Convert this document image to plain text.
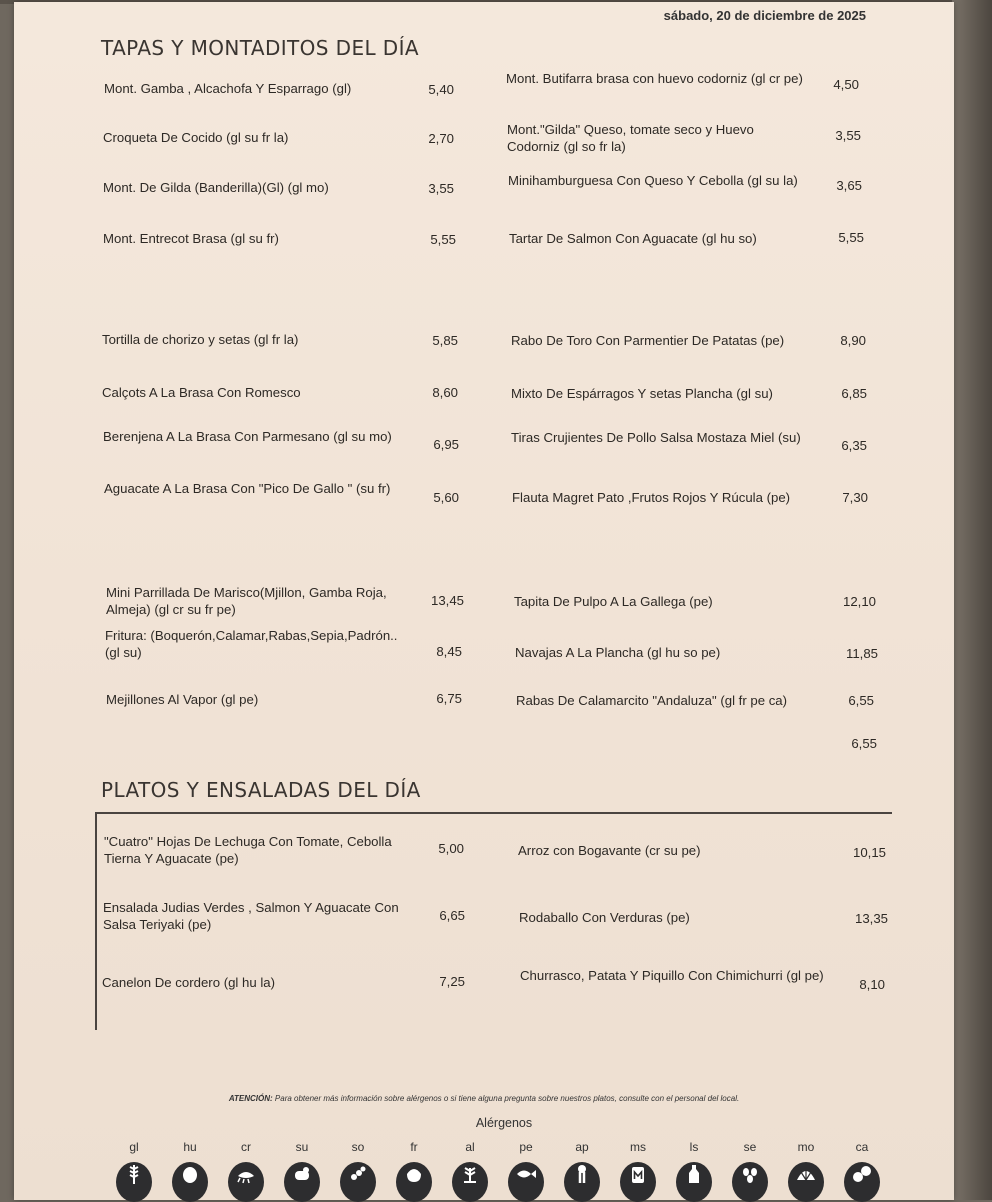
sábado, 20 de diciembre de 2025
TAPAS Y MONTADITOS DEL DÍA
Mont. Gamba , Alcachofa Y Esparrago (gl)	5,40
Croqueta De Cocido (gl su fr la)	2,70
Mont. De Gilda (Banderilla)(Gl) (gl mo)	3,55
Mont. Entrecot Brasa (gl su fr)	5,55
Tortilla de chorizo y setas (gl fr la)	5,85
Calçots A La Brasa Con Romesco	8,60
Berenjena A La Brasa Con Parmesano (gl su mo)
6,95
Aguacate A La Brasa Con "Pico De Gallo " (su fr)
5,60
Mini Parrillada De Marisco(Mjillon, Gamba Roja, Almeja) (gl cr su fr pe)
13,45
Fritura: (Boquerón,Calamar,Rabas,Sepia,Padrón.. (gl su)	8,45
Mejillones Al Vapor (gl pe)	6,75
Mont. Butifarra brasa con huevo codorniz (gl cr pe)	4,50
Mont."Gilda" Queso, tomate seco y Huevo Codorniz (gl so fr la)
3,55
Minihamburguesa Con Queso Y Cebolla (gl su la)	3,65
Tartar De Salmon Con Aguacate (gl hu so)	5,55
Rabo De Toro Con Parmentier De Patatas (pe)	8,90
Mixto De Espárragos Y setas Plancha (gl su)	6,85
Tiras Crujientes De Pollo Salsa Mostaza Miel (su)
6,35
Flauta Magret Pato ,Frutos Rojos Y Rúcula (pe)	7,30
Tapita De Pulpo A La Gallega (pe)	12,10
Navajas A La Plancha (gl hu so pe)	11,85
Rabas De Calamarcito "Andaluza" (gl fr pe ca)	6,55
6,55
PLATOS Y ENSALADAS DEL DÍA
"Cuatro" Hojas De Lechuga Con Tomate, Cebolla Tierna Y Aguacate (pe)
5,00
Ensalada Judias Verdes , Salmon Y Aguacate Con Salsa Teriyaki (pe)
6,65
Canelon De cordero (gl hu la)	7,25
Arroz con Bogavante (cr su pe)	10,15
Rodaballo Con Verduras (pe)	13,35
Churrasco, Patata Y Piquillo Con Chimichurri (gl pe)
8,10
ATENCIÓN: Para obtener más información sobre alérgenos o si tiene alguna pregunta sobre nuestros platos, consulte con el personal del local.
Alérgenos
gl	hu	cr	su	so	fr	al	pe	ap	ms	ls	se	mo	ca
